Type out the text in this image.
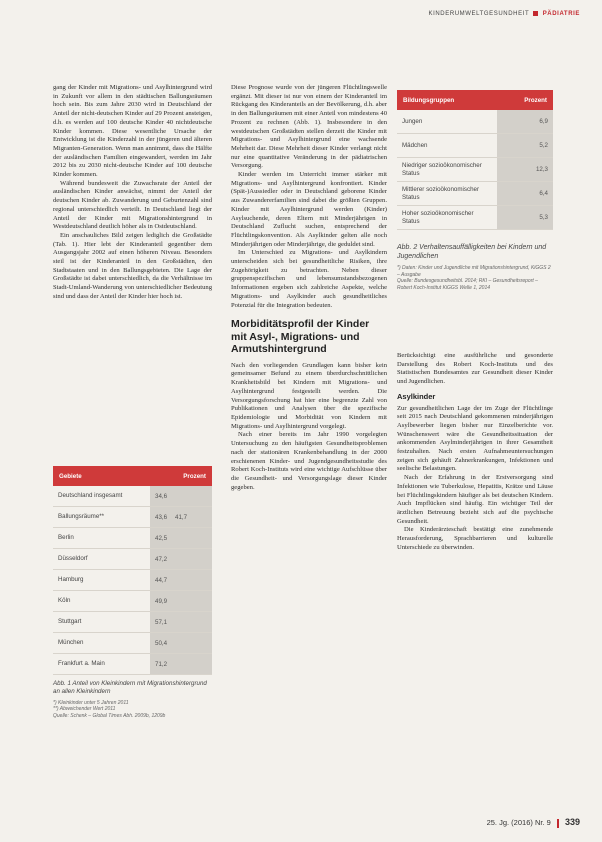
KINDERUMWELTGESUNDHEIT PÄDIATRIE

gang der Kinder mit Migrations- und Asylhintergrund wird in Zukunft vor allem in den städtischen Ballungsräumen hoch sein. Bis zum Jahre 2030 wird in Deutschland der Anteil der nicht-deutschen Kinder auf 29 Prozent ansteigen, d.h. es werden auf 100 deutsche Kinder 40 nichtdeutsche Kinder kommen. Diese wesentliche Ursache der Entwicklung ist die Kinderzahl in der jüngeren und älteren Migranten-Generation. Wenn man annimmt, dass die Hälfte der ausländischen Familien eingewandert, werden im Jahr 2012 bis zu 2030 nicht-deutsche Kinder auf 100 deutsche Kinder kommen.

Während bundesweit die Zuwachsrate der Anteil der ausländischen Kinder anwächst, nimmt der Anteil der deutschen Kinder ab. Zuwanderung und Geburtenzahl sind regional unterschiedlich verteilt. In Deutschland liegt der Anteil der Kinder mit Migrationshintergrund in Westdeutschland deutlich höher als in Ostdeutschland.

Ein anschauliches Bild zeigen lediglich die Großstädte (Tab. 1). Hier lebt der Kinderanteil gegenüber dem Ausgangsjahr 2002 auf einen höheren Niveau. Besonders steil ist der Kinderanteil in den Großstädten, den Stadtstaaten und in den Ballungsgebieten. Die Lage der Großstädte ist dabei unterschiedlich, da die Verhältnisse im Stadt-Umland-Wanderung von unterschiedlicher Bedeutung sind und dass der Anteil der Kinder hier hoch ist.

Gebiete	Prozent
Deutschland insgesamt	34,6
Ballungsräume**	43,6 41,7
Berlin	42,5
Düsseldorf	47,2
Hamburg	44,7
Köln	49,9
Stuttgart	57,1
München	50,4
Frankfurt a. Main	71,2
Abb. 1 Anteil von Kleinkindern mit Migrationshintergrund an allen Kleinkindern
*) Kleinkinder unter 5 Jahren 2011
**) Abweichender Wert 2011
Quelle: Schenk – Global Times Abh. 2009b, 1209b

Diese Prognose wurde von der jüngeren Flüchtlingswelle ergänzt. Mit dieser ist nur von einem der Kinderanteil im Rückgang des Kinderanteils an der Bevölkerung, d.h. aber in den Ballungsräumen mit einer Anteil von mindestens 40 Prozent zu rechnen (Abb. 1). Insbesondere in den westdeutschen Großstädten stellen derzeit die Kinder mit Migrations- und Asylhintergrund eine wachsende Mehrheit dar. Diese Mehrheit dieser Kinder verlangt nicht nur eine quantitative Veränderung in der pädiatrischen Versorgung.

Kinder werden im Unterricht immer stärker mit Migrations- und Asylhintergrund konfrontiert. Kinder (Spät-)Aussiedler oder in Deutschland geborene Kinder aus Zuwandererfamilien sind dabei die größten Gruppen. Kinder mit Asylhintergrund werden (Kinder) Asylsuchende, deren Eltern mit Minderjährigen in Deutschland Zuflucht suchen, entsprechend der Flüchtlingskonvention. Als Asylkinder gelten alle noch Minderjährigen oder Minderjährige, die geduldet sind.

Im Unterschied zu Migrations- und Asylkindern unterscheiden sich bei gesundheitliche Risiken, ihre Zugehörigkeit zu betrachten. Neben dieser gruppenspezifischen und lebensumstandsbezogenen Informationen ergeben sich zahlreiche Aspekte, welche Migrations- und Asylkinder auch gesundheitliches Potenzial für die Integration bedeuten.

Morbiditätsprofil der Kinder mit Asyl-, Migrations- und Armutshintergrund

Nach den vorliegenden Grundlagen kann bisher kein gemeinsamer Befund zu einem überdurchschnittlichen Krankheitsbild bei Kindern mit Migrations- und Asylhintergrund festgestellt werden. Die Versorgungsforschung hat hier eine begrenzte Zahl von Publikationen und Analysen über die spezifische Epidemiologie und Morbidität von Kindern mit Migrations- und Asylhintergrund vorgelegt.

Nach einer bereits im Jahr 1990 vorgelegten Untersuchung zu den häufigsten Gesundheitsproblemen nach der stationären Krankenbehandlung in der 2000 erschienenen Kinder- und Jugendgesundheitsstudie des Robert Koch-Instituts wird eine wichtige Aufschlüsse über die Gesundheit- und Versorgungslage dieser Kinder gegeben.

Bildungsgruppen	Prozent
Jungen	6,9
Mädchen	5,2
Niedriger sozioökonomischer Status	12,3
Mittlerer sozioökonomischer Status	6,4
Hoher sozioökonomischer Status	5,3
Abb. 2 Verhaltensauffälligkeiten bei Kindern und Jugendlichen
*) Daten: Kinder und Jugendliche mit Migrationshintergrund, KiGGS 2 – Ausgabe
Quelle: Bundesgesundheitsbl. 2014; RKI – Gesundheitsreport – Robert Koch-Institut KiGGS Welle 1, 2014

Berücksichtigt eine ausführliche und gesonderte Darstellung des Robert Koch-Instituts und des Statistischen Bundesamtes zur Gesundheit dieser Kinder und Jugendlichen.

Asylkinder

Zur gesundheitlichen Lage der im Zuge der Flüchtlinge seit 2015 nach Deutschland gekommenen minderjährigen Asylbewerber liegen bisher nur Einzelberichte vor. Wünschenswert wäre die Gesundheitssituation der ankommenden Asylminderjährigen in ihrer Gesamtheit festzuhalten. Nach ersten Aufnahmeuntersuchungen zeigen sich gehäuft Zahnerkrankungen, Infektionen und seelische Belastungen.

Nach der Erfahrung in der Erstversorgung sind Infektionen wie Tuberkulose, Hepatitis, Krätze und Läuse bei Flüchtlingskindern häufiger als bei deutschen Kindern. Auch Impflücken sind häufig. Ein wichtiger Teil der ärztlichen Betreuung bezieht sich auf die psychische Gesundheit.

Die Kinderärzteschaft bestätigt eine zunehmende Herausforderung, Sprachbarrieren und kulturelle Unterschiede zu überwinden.

25. Jg. (2016) Nr. 9 339
